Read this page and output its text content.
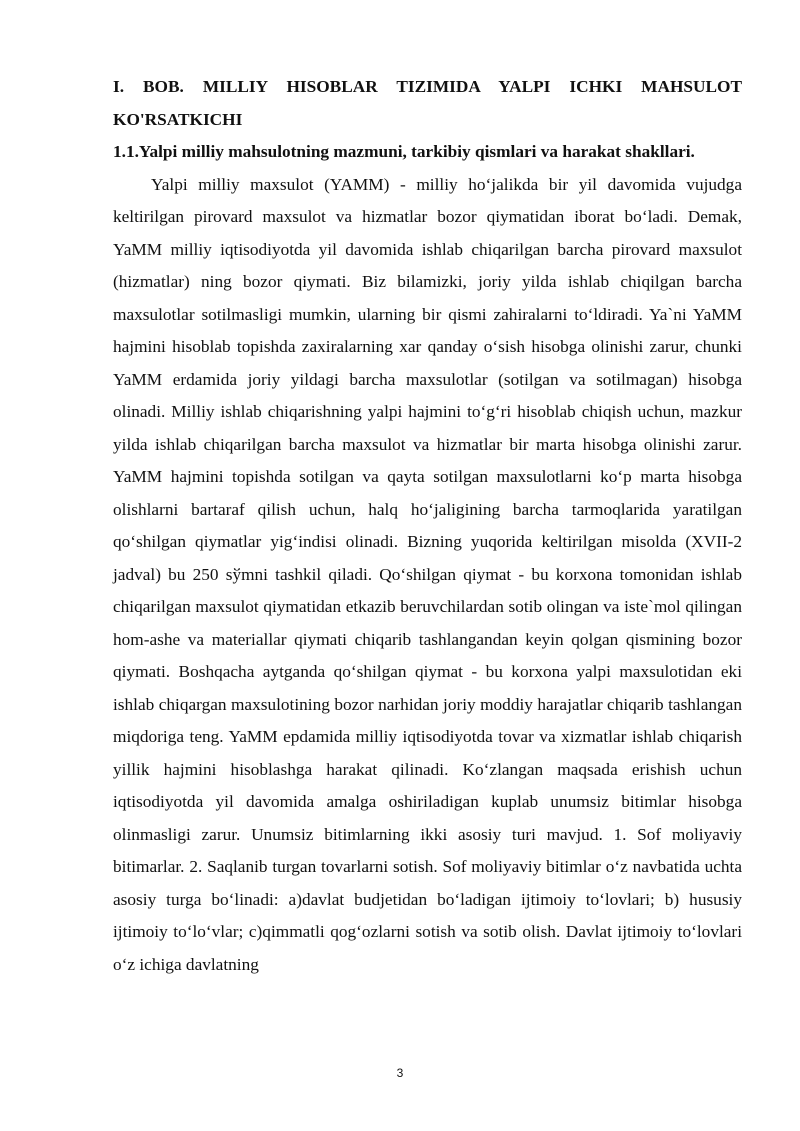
I. BOB. MILLIY HISOBLAR TIZIMIDA YALPI ICHKI MAHSULOT KO'RSATKICHI

1.1.Yalpi milliy mahsulotning mazmuni, tarkibiy qismlari va harakat shakllari.

Yalpi milliy maxsulot (YAMM) - milliy ho‘jalikda bir yil davomida vujudga keltirilgan pirovard maxsulot va hizmatlar bozor qiymatidan iborat bo‘ladi. Demak, YaMM milliy iqtisodiyotda yil davomida ishlab chiqarilgan barcha pirovard maxsulot (hizmatlar) ning bozor qiymati. Biz bilamizki, joriy yilda ishlab chiqilgan barcha maxsulotlar sotilmasligi mumkin, ularning bir qismi zahiralarni to‘ldiradi. Ya`ni YaMM hajmini hisoblab topishda zaxiralarning xar qanday o‘sish hisobga olinishi zarur, chunki YaMM erdamida joriy yildagi barcha maxsulotlar (sotilgan va sotilmagan) hisobga olinadi. Milliy ishlab chiqarishning yalpi hajmini to‘g‘ri hisoblab chiqish uchun, mazkur yilda ishlab chiqarilgan barcha maxsulot va hizmatlar bir marta hisobga olinishi zarur. YaMM hajmini topishda sotilgan va qayta sotilgan maxsulotlarni ko‘p marta hisobga olishlarni bartaraf qilish uchun, halq ho‘jaligining barcha tarmoqlarida yaratilgan qo‘shilgan qiymatlar yig‘indisi olinadi. Bizning yuqorida keltirilgan misolda (XVII-2 jadval) bu 250 sўmni tashkil qiladi. Qo‘shilgan qiymat - bu korxona tomonidan ishlab chiqarilgan maxsulot qiymatidan etkazib beruvchilardan sotib olingan va iste`mol qilingan hom-ashe va materiallar qiymati chiqarib tashlangandan keyin qolgan qismining bozor qiymati. Boshqacha aytganda qo‘shilgan qiymat - bu korxona yalpi maxsulotidan eki ishlab chiqargan maxsulotining bozor narhidan joriy moddiy harajatlar chiqarib tashlangan miqdoriga teng. YaMM epdamida milliy iqtisodiyotda tovar va xizmatlar ishlab chiqarish yillik hajmini hisoblashga harakat qilinadi. Ko‘zlangan maqsada erishish uchun iqtisodiyotda yil davomida amalga oshiriladigan kuplab unumsiz bitimlar hisobga olinmasligi zarur. Unumsiz bitimlarning ikki asosiy turi mavjud. 1. Sof moliyaviy bitimarlar. 2. Saqlanib turgan tovarlarni sotish. Sof moliyaviy bitimlar o‘z navbatida uchta asosiy turga bo‘linadi: a)davlat budjetidan bo‘ladigan ijtimoiy to‘lovlari; b) hususiy ijtimoiy to‘lo‘vlar; c)qimmatli qog‘ozlarni sotish va sotib olish. Davlat ijtimoiy to‘lovlari o‘z ichiga davlatning

3
